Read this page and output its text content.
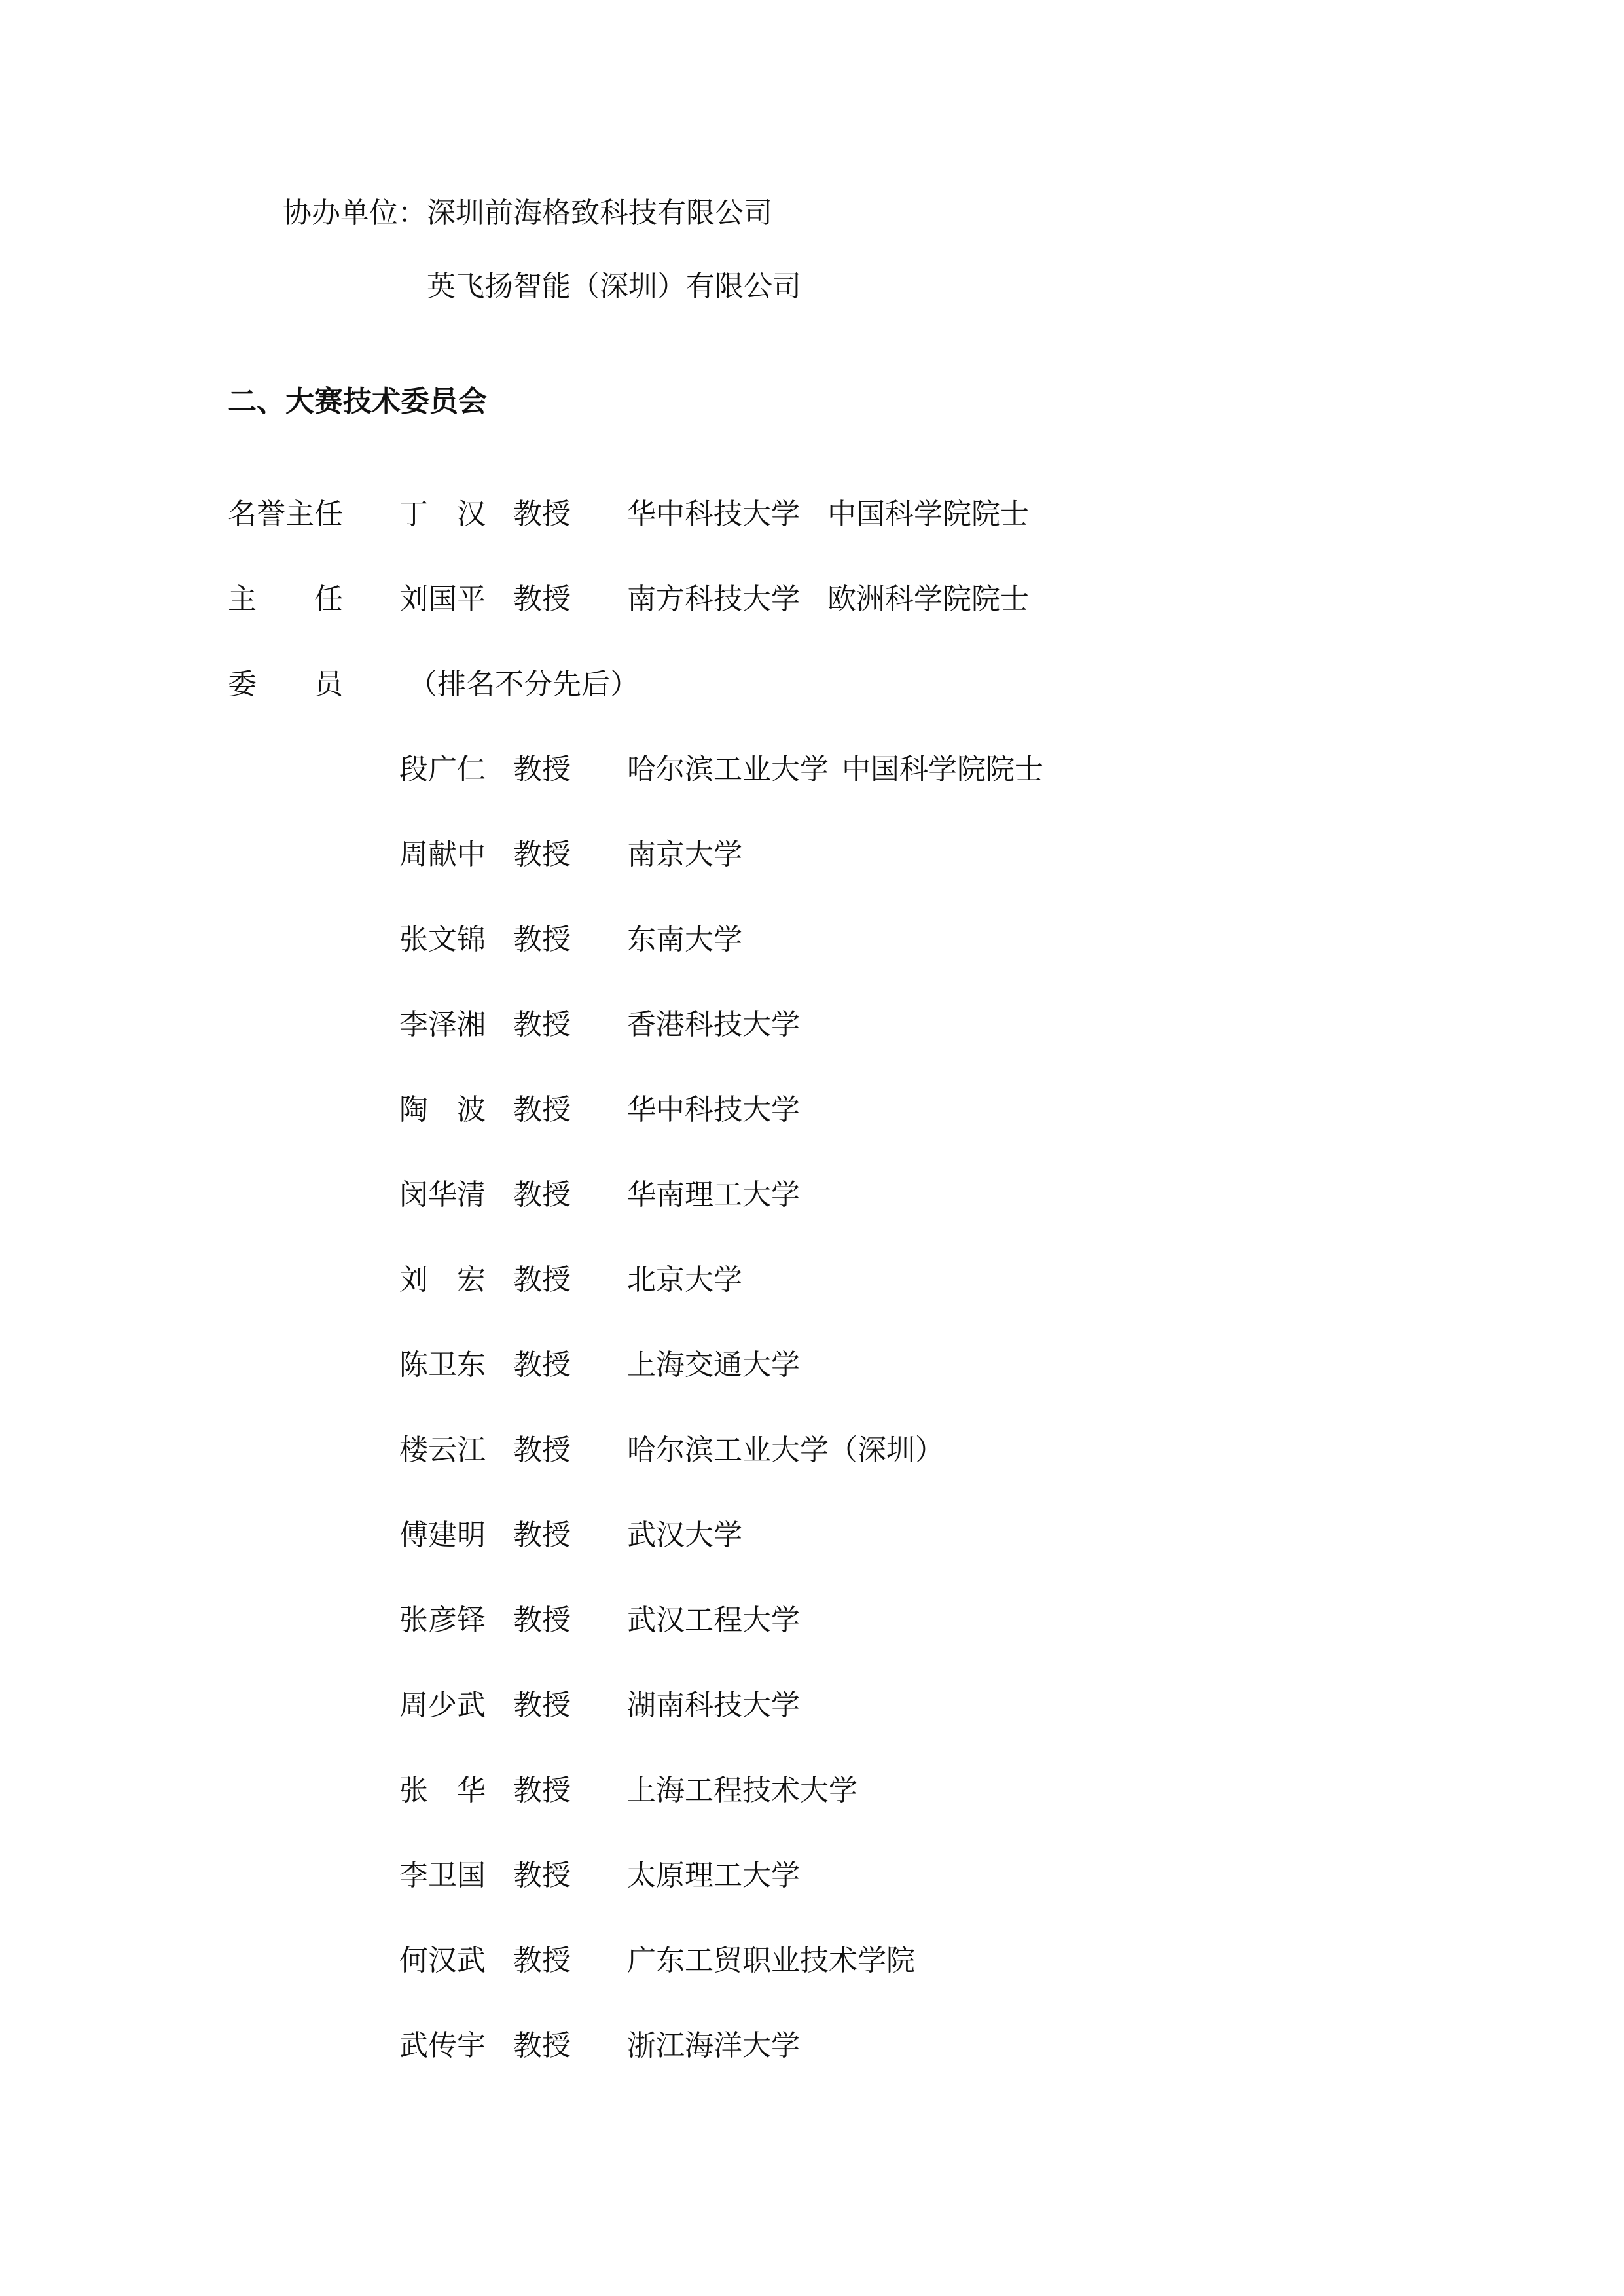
协办单位： 深圳前海格致科技有限公司
英飞扬智能（深圳）有限公司
二、大赛技术委员会
名誉主任 丁　汉 教授 华中科技大学 中国科学院院士
主　　任 刘国平 教授 南方科技大学 欧洲科学院院士
委　　员 （排名不分先后）
段广仁 教授 哈尔滨工业大学 中国科学院院士
周献中 教授 南京大学
张文锦 教授 东南大学
李泽湘 教授 香港科技大学
陶　波 教授 华中科技大学
闵华清 教授 华南理工大学
刘　宏 教授 北京大学
陈卫东 教授 上海交通大学
楼云江 教授 哈尔滨工业大学（深圳）
傅建明 教授 武汉大学
张彦铎 教授 武汉工程大学
周少武 教授 湖南科技大学
张　华 教授 上海工程技术大学
李卫国 教授 太原理工大学
何汉武 教授 广东工贸职业技术学院
武传宇 教授 浙江海洋大学
